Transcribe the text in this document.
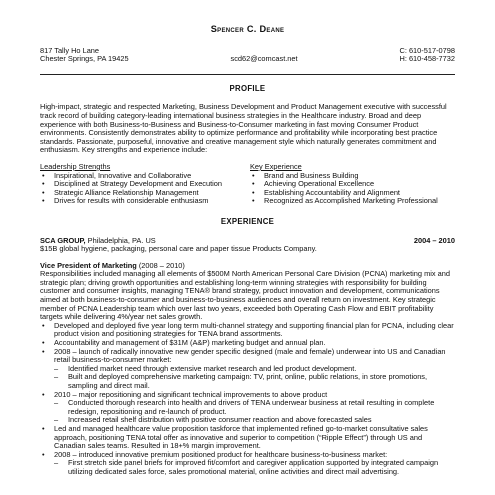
Spencer C. Deane
817 Tally Ho Lane
Chester Springs, PA 19425	scd62@comcast.net
C: 610-517-0798
H: 610-458-7732
PROFILE

High-impact, strategic and respected Marketing, Business Development and Product Management executive with successful track record of building category-leading international business strategies in the Healthcare industry. Broad and deep experience with both Business-to-Business and Business-to-Consumer marketing in fast moving Consumer Product environments. Consistently demonstrates ability to optimize performance and profitability while incorporating best practice standards. Passionate, purposeful, innovative and creative management style which naturally generates commitment and enthusiasm. Key strengths and experience include:

Leadership Strengths
• Inspirational, Innovative and Collaborative
• Disciplined at Strategy Development and Execution
• Strategic Alliance Relationship Management
• Drives for results with considerable enthusiasm
Key Experience
• Brand and Business Building
• Achieving Operational Excellence
• Establishing Accountability and Alignment
• Recognized as Accomplished Marketing Professional
EXPERIENCE
SCA GROUP, Philadelphia, PA. US	2004 – 2010
$15B global hygiene, packaging, personal care and paper tissue Products Company.
Vice President of Marketing (2008 – 2010)
Responsibilities included managing all elements of $500M North American Personal Care Division (PCNA) marketing mix and strategic plan; driving growth opportunities and establishing long-term winning strategies with responsibility for building customer and consumer insights, managing TENA® brand strategy, product innovation and development, communications aimed at both business-to-consumer and business-to-business audiences and overall return on investment. Key strategic member of PCNA Leadership team which over last two years, exceeded both Operating Cash Flow and EBIT profitability targets while delivering 4%/year net sales growth.
• Developed and deployed five year long term multi-channel strategy and supporting financial plan for PCNA, including clear product vision and positioning strategies for TENA brand assortments.
• Accountability and management of $31M (A&P) marketing budget and annual plan.
• 2008 – launch of radically innovative new gender specific designed (male and female) underwear into US and Canadian retail business-to-consumer market:
– Identified market need through extensive market research and led product development.
– Built and deployed comprehensive marketing campaign: TV, print, online, public relations, in store promotions, sampling and direct mail.
• 2010 – major repositioning and significant technical improvements to above product
– Conducted thorough research into health and drivers of TENA underwear business at retail resulting in complete redesign, repositioning and re-launch of product.
– Increased retail shelf distribution with positive consumer reaction and above forecasted sales
• Led and managed healthcare value proposition taskforce that implemented refined go-to-market consultative sales approach, positioning TENA total offer as innovative and superior to competition (“Ripple Effect”) through US and Canadian sales teams. Resulted in 18+% margin improvement.
• 2008 – introduced innovative premium positioned product for healthcare business-to-business market:
– First stretch side panel briefs for improved fit/comfort and caregiver application supported by integrated campaign utilizing dedicated sales force, sales promotional material, online activities and direct mail advertising.
